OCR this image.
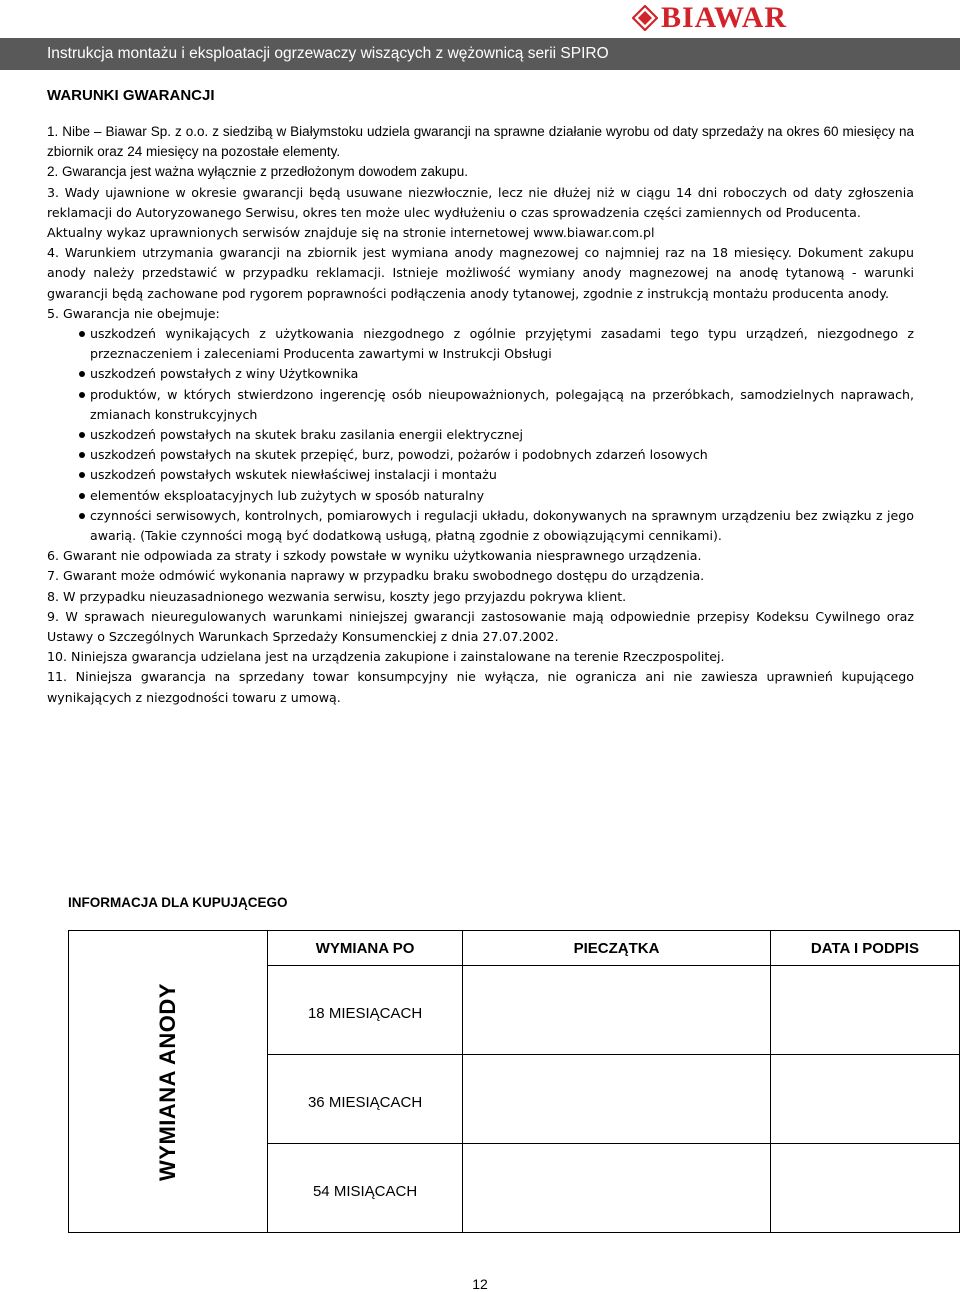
BIAWAR
Instrukcja montażu i eksploatacji ogrzewaczy wiszących z wężownicą serii SPIRO
WARUNKI GWARANCJI

1. Nibe – Biawar Sp. z o.o. z siedzibą w Białymstoku udziela gwarancji na sprawne działanie wyrobu od daty sprzedaży na okres 60 miesięcy na zbiornik oraz 24 miesięcy na pozostałe elementy.

2. Gwarancja jest ważna wyłącznie z przedłożonym dowodem zakupu.

3. Wady ujawnione w okresie gwarancji będą usuwane niezwłocznie, lecz nie dłużej niż w ciągu 14 dni roboczych od daty zgłoszenia reklamacji do Autoryzowanego Serwisu, okres ten może ulec wydłużeniu o czas sprowadzenia części zamiennych od Producenta.

Aktualny wykaz uprawnionych serwisów znajduje się na stronie internetowej www.biawar.com.pl

4. Warunkiem utrzymania gwarancji na zbiornik jest wymiana anody magnezowej co najmniej raz na 18 miesięcy. Dokument zakupu anody należy przedstawić w przypadku reklamacji. Istnieje możliwość wymiany anody magnezowej na anodę tytanową - warunki gwarancji będą zachowane pod rygorem poprawności podłączenia anody tytanowej, zgodnie z instrukcją montażu producenta anody.

5. Gwarancja nie obejmuje:

uszkodzeń wynikających z użytkowania niezgodnego z ogólnie przyjętymi zasadami tego typu urządzeń, niezgodnego z przeznaczeniem i zaleceniami Producenta zawartymi w Instrukcji Obsługi
uszkodzeń powstałych z winy Użytkownika
produktów, w których stwierdzono ingerencję osób nieupoważnionych, polegającą na przeróbkach, samodzielnych naprawach, zmianach konstrukcyjnych
uszkodzeń powstałych na skutek braku zasilania energii elektrycznej
uszkodzeń powstałych na skutek przepięć, burz, powodzi, pożarów i podobnych zdarzeń losowych
uszkodzeń powstałych wskutek niewłaściwej instalacji i montażu
elementów eksploatacyjnych lub zużytych w sposób naturalny
czynności serwisowych, kontrolnych, pomiarowych i regulacji układu, dokonywanych na sprawnym urządzeniu bez związku z jego awarią. (Takie czynności mogą być dodatkową usługą, płatną zgodnie z obowiązującymi cennikami).

6. Gwarant nie odpowiada za straty i szkody powstałe w wyniku użytkowania niesprawnego urządzenia.

7. Gwarant może odmówić wykonania naprawy w przypadku braku swobodnego dostępu do urządzenia.

8. W przypadku nieuzasadnionego wezwania serwisu, koszty jego przyjazdu pokrywa klient.

9. W sprawach nieuregulowanych warunkami niniejszej gwarancji zastosowanie mają odpowiednie przepisy Kodeksu Cywilnego oraz Ustawy o Szczególnych Warunkach Sprzedaży Konsumenckiej z dnia 27.07.2002.

10. Niniejsza gwarancja udzielana jest na urządzenia zakupione i zainstalowane na terenie Rzeczpospolitej.

11. Niniejsza gwarancja na sprzedany towar konsumpcyjny nie wyłącza, nie ogranicza ani nie zawiesza uprawnień kupującego wynikających z niezgodności towaru z umową.

INFORMACJA DLA KUPUJĄCEGO
WYMIANA ANODY	WYMIANA PO	PIECZĄTKA	DATA I PODPIS
	18 MIESIĄCACH		
	36 MIESIĄCACH		
	54 MISIĄCACH		
12
